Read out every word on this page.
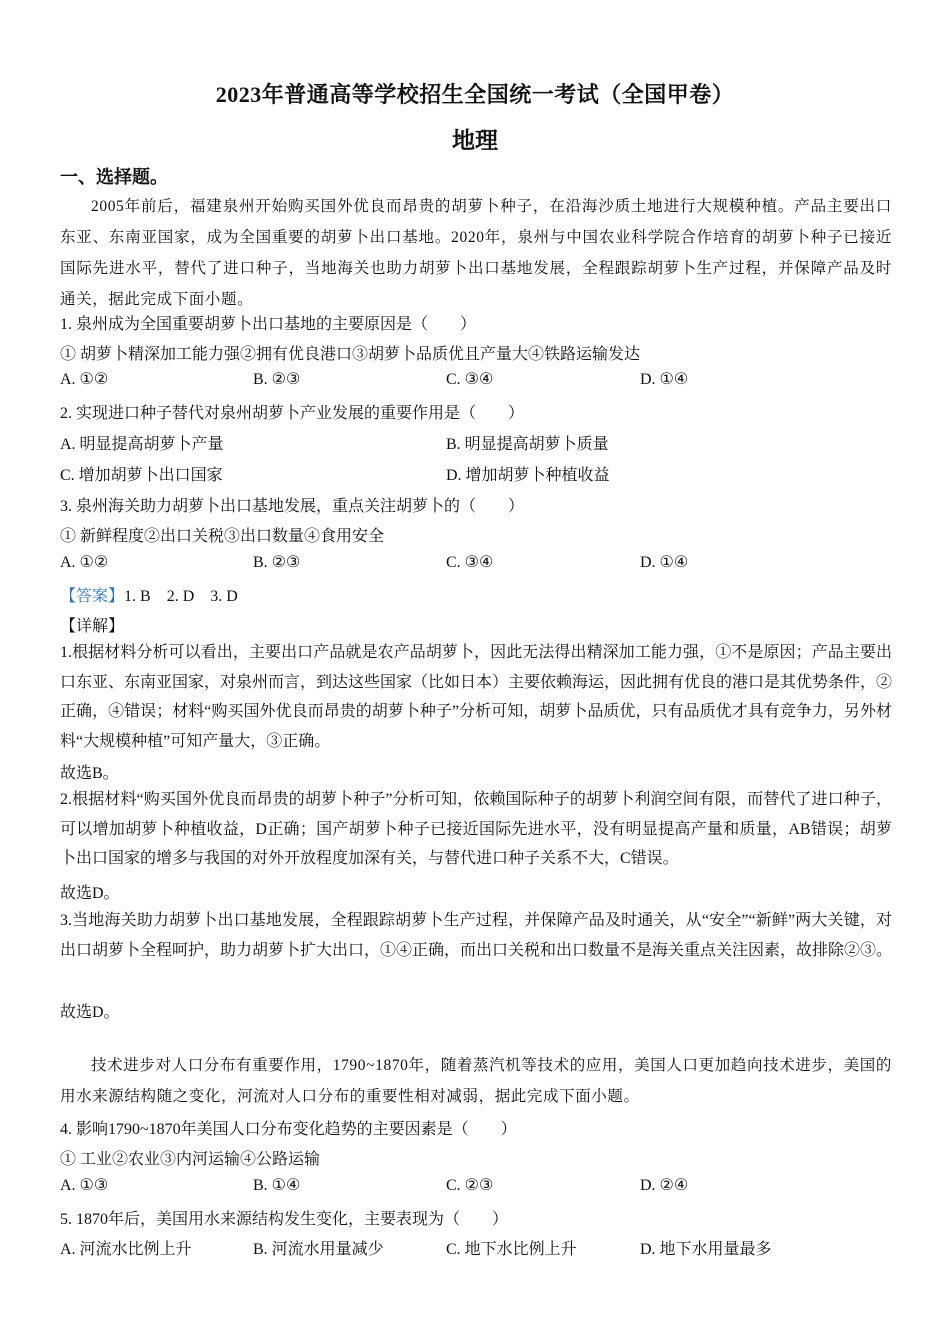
2023年普通高等学校招生全国统一考试（全国甲卷）
地理
一、选择题。
2005年前后，福建泉州开始购买国外优良而昂贵的胡萝卜种子，在沿海沙质土地进行大规模种植。产品主要出口东亚、东南亚国家，成为全国重要的胡萝卜出口基地。2020年，泉州与中国农业科学院合作培育的胡萝卜种子已接近国际先进水平，替代了进口种子，当地海关也助力胡萝卜出口基地发展，全程跟踪胡萝卜生产过程，并保障产品及时通关，据此完成下面小题。
1. 泉州成为全国重要胡萝卜出口基地的主要原因是（　　）
① 胡萝卜精深加工能力强②拥有优良港口③胡萝卜品质优且产量大④铁路运输发达
A. ①②	B. ②③	C. ③④	D. ①④
2. 实现进口种子替代对泉州胡萝卜产业发展的重要作用是（　　）
A. 明显提高胡萝卜产量	B. 明显提高胡萝卜质量
C. 增加胡萝卜出口国家	D. 增加胡萝卜种植收益
3. 泉州海关助力胡萝卜出口基地发展，重点关注胡萝卜的（　　）
① 新鲜程度②出口关税③出口数量④食用安全
A. ①②	B. ②③	C. ③④	D. ①④
【答案】1. B　2. D　3. D
【详解】
1.根据材料分析可以看出，主要出口产品就是农产品胡萝卜，因此无法得出精深加工能力强，①不是原因；产品主要出口东亚、东南亚国家，对泉州而言，到达这些国家（比如日本）主要依赖海运，因此拥有优良的港口是其优势条件，②正确，④错误；材料“购买国外优良而昂贵的胡萝卜种子”分析可知，胡萝卜品质优，只有品质优才具有竞争力，另外材料“大规模种植”可知产量大，③正确。
故选B。
2.根据材料“购买国外优良而昂贵的胡萝卜种子”分析可知，依赖国际种子的胡萝卜利润空间有限，而替代了进口种子，可以增加胡萝卜种植收益，D正确；国产胡萝卜种子已接近国际先进水平，没有明显提高产量和质量，AB错误；胡萝卜出口国家的增多与我国的对外开放程度加深有关，与替代进口种子关系不大，C错误。
故选D。
3.当地海关助力胡萝卜出口基地发展，全程跟踪胡萝卜生产过程，并保障产品及时通关，从“安全”“新鲜”两大关键，对出口胡萝卜全程呵护，助力胡萝卜扩大出口，①④正确，而出口关税和出口数量不是海关重点关注因素，故排除②③。
故选D。
技术进步对人口分布有重要作用，1790~1870年，随着蒸汽机等技术的应用，美国人口更加趋向技术进步，美国的用水来源结构随之变化，河流对人口分布的重要性相对减弱，据此完成下面小题。
4. 影响1790~1870年美国人口分布变化趋势的主要因素是（　　）
① 工业②农业③内河运输④公路运输
A. ①③	B. ①④	C. ②③	D. ②④
5. 1870年后，美国用水来源结构发生变化，主要表现为（　　）
A. 河流水比例上升	B. 河流水用量减少	C. 地下水比例上升	D. 地下水用量最多
